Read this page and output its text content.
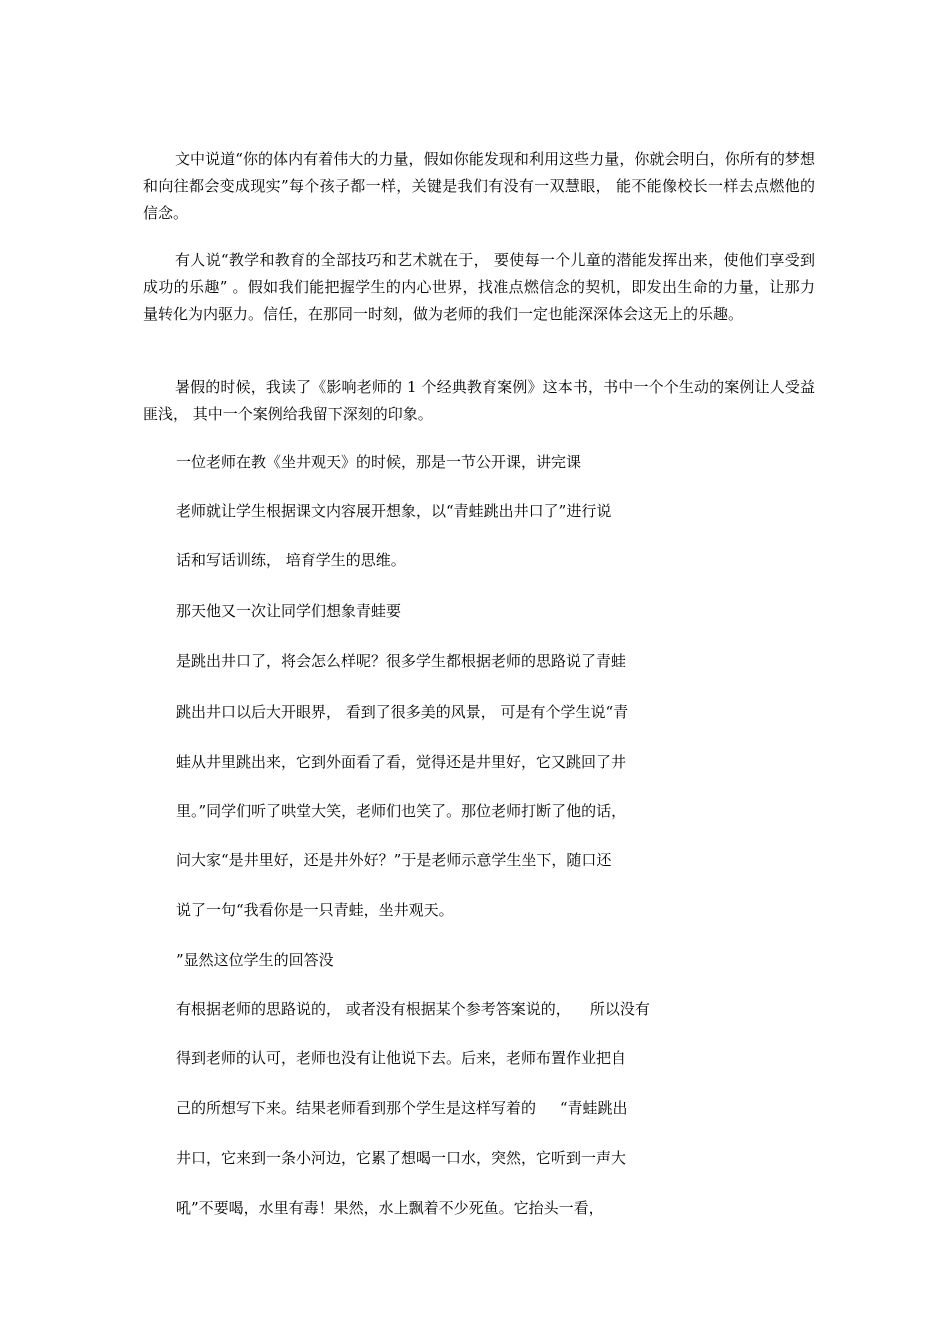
文中说道“你的体内有着伟大的力量，假如你能发现和利用这些力量，你就会明白，你所有的梦想和向往都会变成现实”每个孩子都一样，关键是我们有没有一双慧眼， 能不能像校长一样去点燃他的信念。

有人说“教学和教育的全部技巧和艺术就在于， 要使每一个儿童的潜能发挥出来，使他们享受到成功的乐趣” 。假如我们能把握学生的内心世界，找准点燃信念的契机，即发出生命的力量，让那力量转化为内驱力。信任，在那同一时刻，做为老师的我们一定也能深深体会这无上的乐趣。

暑假的时候，我读了《影响老师的 1 个经典教育案例》这本书，书中一个个生动的案例让人受益匪浅， 其中一个案例给我留下深刻的印象。

一位老师在教《坐井观天》的时候，那是一节公开课，讲完课

老师就让学生根据课文内容展开想象，以“青蛙跳出井口了”进行说

话和写话训练， 培育学生的思维。

那天他又一次让同学们想象青蛙要

是跳出井口了，将会怎么样呢？很多学生都根据老师的思路说了青蛙

跳出井口以后大开眼界， 看到了很多美的风景， 可是有个学生说“青

蛙从井里跳出来，它到外面看了看，觉得还是井里好，它又跳回了井

里。”同学们听了哄堂大笑，老师们也笑了。那位老师打断了他的话，

问大家“是井里好，还是井外好？”于是老师示意学生坐下，随口还

说了一句“我看你是一只青蛙，坐井观天。

”显然这位学生的回答没

有根据老师的思路说的， 或者没有根据某个参考答案说的，    所以没有

得到老师的认可，老师也没有让他说下去。后来，老师布置作业把自

己的所想写下来。结果老师看到那个学生是这样写着的     “青蛙跳出

井口，它来到一条小河边，它累了想喝一口水，突然，它听到一声大

吼”不要喝，水里有毒！果然，水上飘着不少死鱼。它抬头一看，
